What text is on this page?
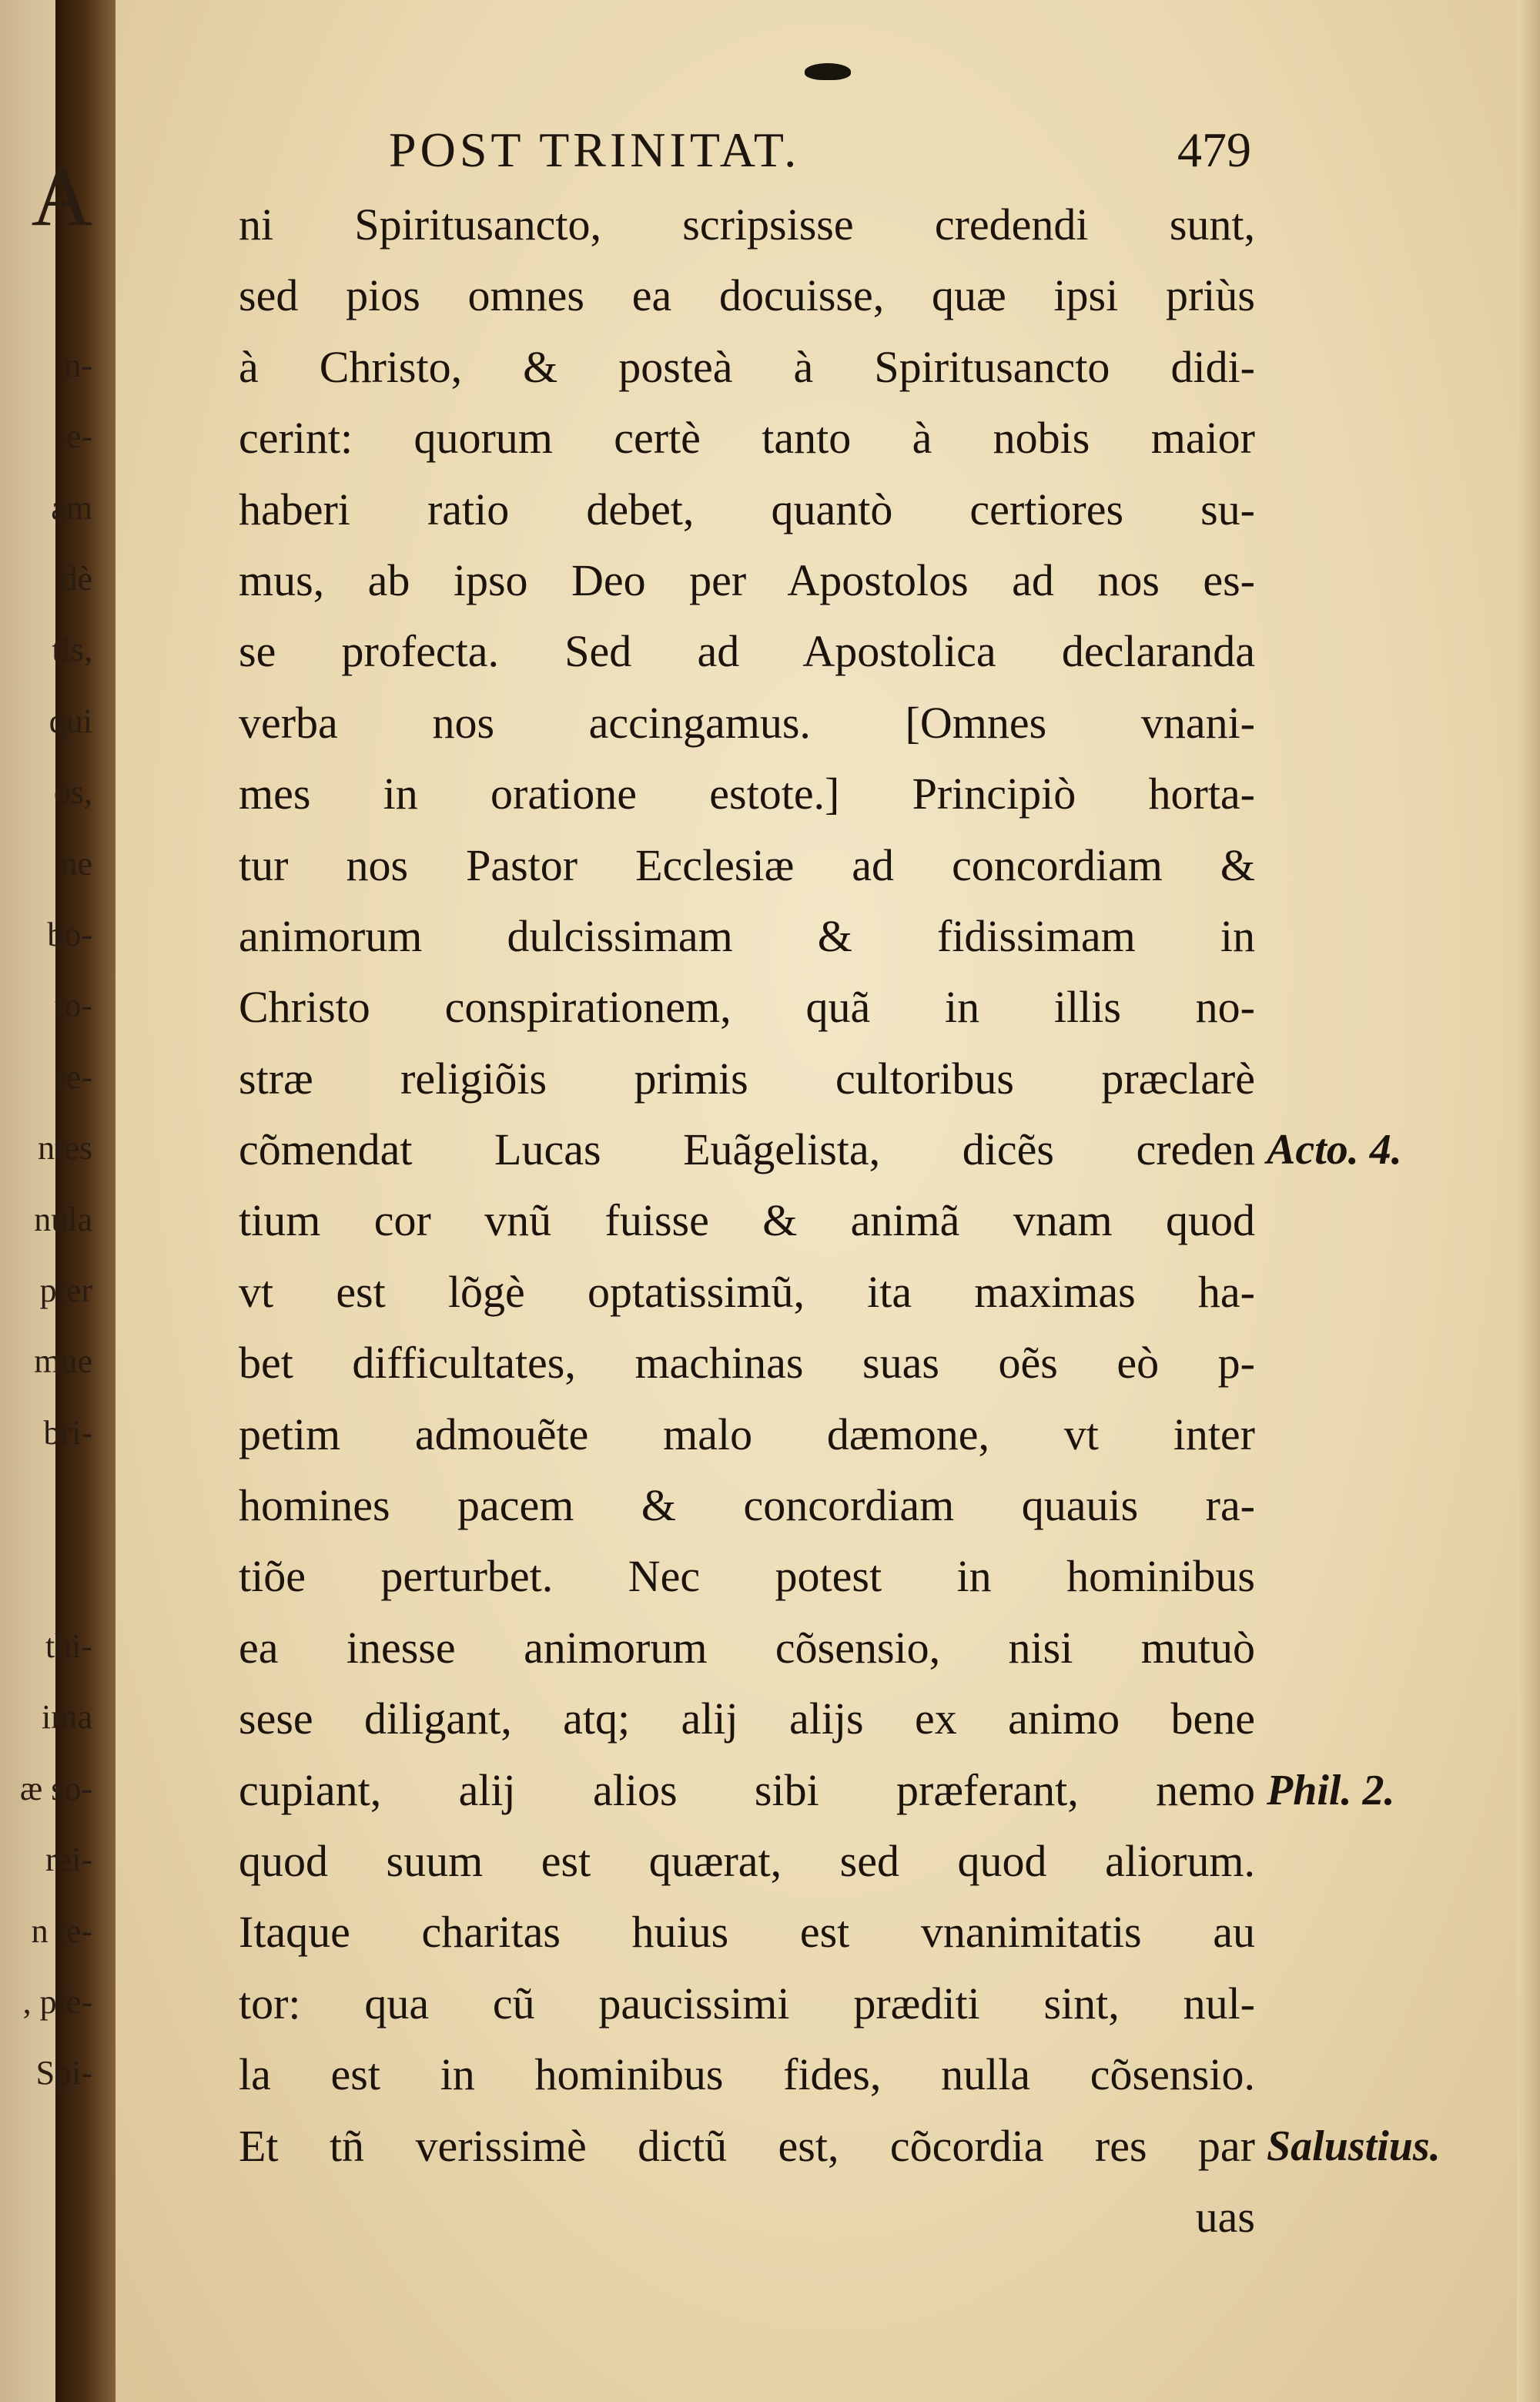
POST TRINITAT.	479
ni Spiritusancto, scripsisse credendi sunt,
sed pios omnes ea docuisse, quæ ipsi priùs
à Christo, & posteà à Spiritusancto didi-
cerint: quorum certè tanto à nobis maior
haberi ratio debet, quantò certiores su-
mus, ab ipso Deo per Apostolos ad nos es-
se profecta. Sed ad Apostolica declaranda
verba nos accingamus. [Omnes vnani-
mes in oratione estote.] Principiò horta-
tur nos Pastor Ecclesiæ ad concordiam &
animorum dulcissimam & fidissimam in
Christo conspirationem, quã in illis no-
stræ religiõis primis cultoribus præclarè
cõmendat Lucas Euãgelista, dicẽs creden
tium cor vnũ fuisse & animã vnam quod
vt est lõgè optatissimũ, ita maximas ha-
bet difficultates, machinas suas oẽs eò p-
petim admouẽte malo dæmone, vt inter
homines pacem & concordiam quauis ra-
tiõe perturbet. Nec potest in hominibus
ea inesse animorum cõsensio, nisi mutuò
sese diligant, atq; alij alijs ex animo bene
cupiant, alij alios sibi præferant, nemo
quod suum est quærat, sed quod aliorum.
Itaque charitas huius est vnanimitatis au
tor: qua cũ paucissimi præditi sint, nul-
la est in hominibus fides, nulla cõsensio.
Et tñ verissimè dictũ est, cõcordia res par
uas
Acto. 4.
Phil. 2.
Salustius.
A
n-
e-
am
dè
tis,
qui
os,
ne
bo-
to-
re-
ntes
nula
pter
mue
bri-
thi-
ima
æ so-
rei-
n te-
, ple-
Spi-
